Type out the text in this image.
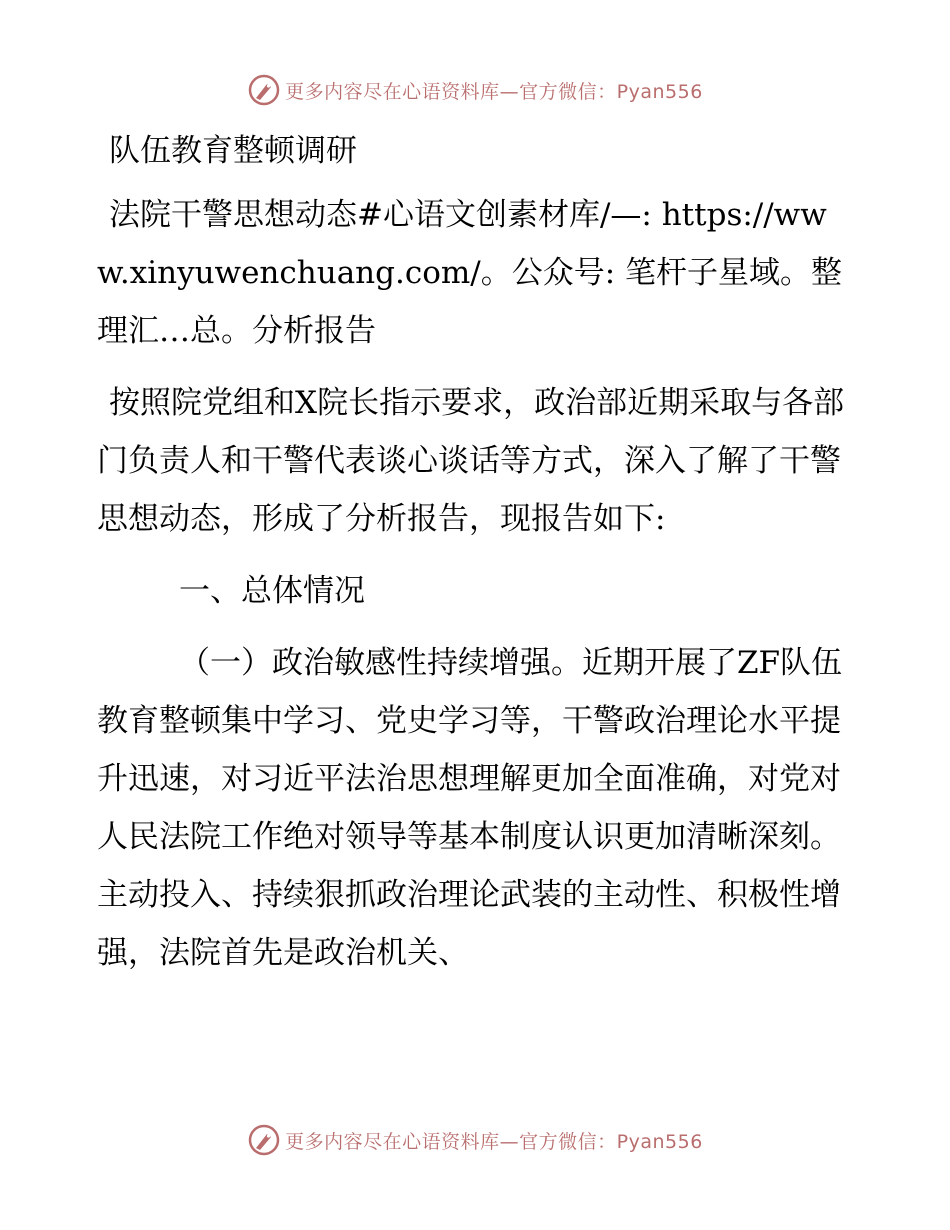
更多内容尽在心语资料库—官方微信：Pyan556

队伍教育整顿调研

法院干警思想动态#心语文创素材库/—: https://www.xinyuwenchuang.com/。公众号: 笔杆子星域。整理汇…总。分析报告

按照院党组和X院长指示要求，政治部近期采取与各部门负责人和干警代表谈心谈话等方式，深入了解了干警思想动态，形成了分析报告，现报告如下:

一、总体情况

（一）政治敏感性持续增强。近期开展了ZF队伍教育整顿集中学习、党史学习等，干警政治理论水平提升迅速，对习近平法治思想理解更加全面准确，对党对人民法院工作绝对领导等基本制度认识更加清晰深刻。主动投入、持续狠抓政治理论武装的主动性、积极性增强，法院首先是政治机关、

更多内容尽在心语资料库—官方微信：Pyan556
